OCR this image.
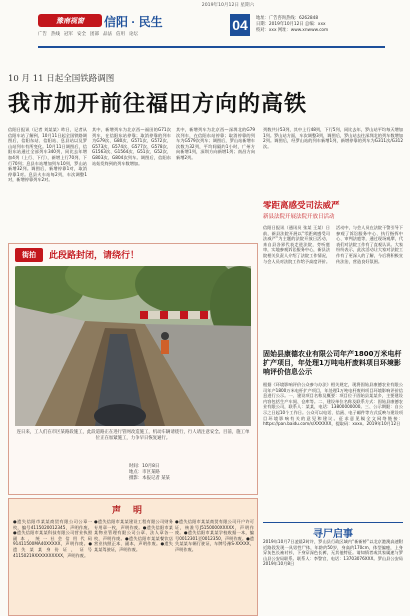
2019年10月12日 星期六
豫南视窗	信阳 · 民生
广告 热线 冠军 安全 团部 品法 信用 论坛
04	地址：广告咨询热线：6262848
日期：2019年10月12日 总编：xxx
校对：xxx 网址：www.xnwww.com
10 月 11 日起全国铁路调图
我市加开前往福田方向的高铁
信阳日报讯（记者 刘某某）昨日，记者从信阳车站了解到，10月11日起全国铁路调图后，信阳东站、信阳站、息县站以及罗山站列车有所变化。10月11日调图后，信阳东站通过全部列车340列，同比去年增加4列（上行、下行），新增上行70列、下行70列；息县车站增加列车10列，罗山站新增32列。调图后，新增停靠1对，取消停靠1对。息县火车站每2列，车次调整1对，新增停靠列车2对。
其中，新增列车为北京西—福田的G71次列车，在信阳东站停靠；取消停靠的列车为G79次、G80次、G571次、G572次、G573次、G574次、G577次、G578次、G1563次、G1564次、G51次、G52次、G803次、G804次列车。调图后，信阳东站始发终到的列车数增加。
其中，新增列车为北京西—深圳北的G79次列车，在信阳东站停靠；取消停靠的列车为G579次列车；调图后，罗山站新增车次数为32列，平均间隔约1小时，广州方向新增1列，深圳方向新增1列；南昌方向新增2列。
列数共计53列，其中上行48列，下行5列，同比去年，罗山站平均每天增加1列。罗山站方面，车次调整3列，调图后，罗山站去往深圳北的列车数增加2列。调图后，经罗山站的列车新增1列，新增停靠的列车为G311次/G312次。
零距离感受司法威严
新县法院开展法院开放日活动
信阳日报讯（通讯员 张某 王某）日前，新县法院开展以“零距离感受司法威严”为主题的法院开放日活动，来自县各界代表走进法院，旁听庭审，实地参观诉讼服务中心，新县法院相关负责人介绍了法院工作情况，与会人员对法院工作给予高度评价。
活动中，与会人员在法院干警引导下参观了诉讼服务中心、执行指挥中心、审判法庭等，通过现场观摩，代表们对法院工作有了直观认识。大家纷纷表示，此次活动让大家对法院工作有了更深入的了解，今后将积极宣传法治，营造良好氛围。
街拍	此段路封闭，请绕行！
连日来，工人们在市区某路段施工，此段道路正在进行管网改造施工，机动车辆请绕行，行人请注意安全。目前，施工单位正在加紧施工，力争早日恢复通行。
时间：10月8日
地点：市区某路
摄影：本报记者 某某
声明
●遗失信阳市某某商贸有限公司公章一枚，编号4115020012345，声明作废。●遗失信阳市某某科技有限公司营业执照副本，统一社会信用代码91411500MA40XXXXX，声明作废。●遗失某某身份证，证号41150219XXXXXXXXXX，声明作废。
●遗失信阳市某某建设工程有限公司财务专用章一枚，声明作废。●遗失信阳市某某物业管理有限公司公章、法人章各一枚，声明作废。●遗失信阳市某某餐饮店营业执照正本、副本，声明作废。●遗失某某驾驶证，声明作废。
●遗失信阳市某某商贸有限公司开户许可证，核准号J5150000XXXXX，声明作废。●遗失信阳市某某学校收据一本，编号0012301至0012350，声明作废。●遗失某某车辆行驶证，车牌号豫S·XXXXX，声明作废。
固始县康德农业有限公司年产1800万米电杆扩产项目，年处理1万吨电杆废料项目环境影响评价信息公示
根据《环境影响评价公众参与办法》相关规定，现将固始县康德农业有限公司年产1800万米电杆扩产项目，年处理1万吨电杆废料项目环境影响评价信息进行公示。一、建设项目名称及概要：项目位于固始县某某乡，主要建设内容包括生产车间、仓库等。二、建设单位名称及联系方式：固始县康德农业有限公司，联系人：某某，电话：13800000000。三、公示期限：自公示之日起10个工作日。公众可以电话、信函、电子邮件等方式反映与建设项目环境影响有关的意见和建议。征求意见稿全文网络链接：https://pan.baidu.com/s/XXXXXX，提取码：xxxx。2019年10月12日
寻尸启事
2019年10月7日凌晨2时许，罗山县行政区域内“新新桥”以北京港澳高速附近路段发现一具男性尸体，年龄约50岁，身高约170cm，体型偏瘦，上身穿灰色长袖衬衫，下身穿深色长裤，无其他特征。请知情者或其家属速与罗山县公安局联系。联系人：李警官，电话：13703076XXX。罗山县公安局 2019年10月8日
